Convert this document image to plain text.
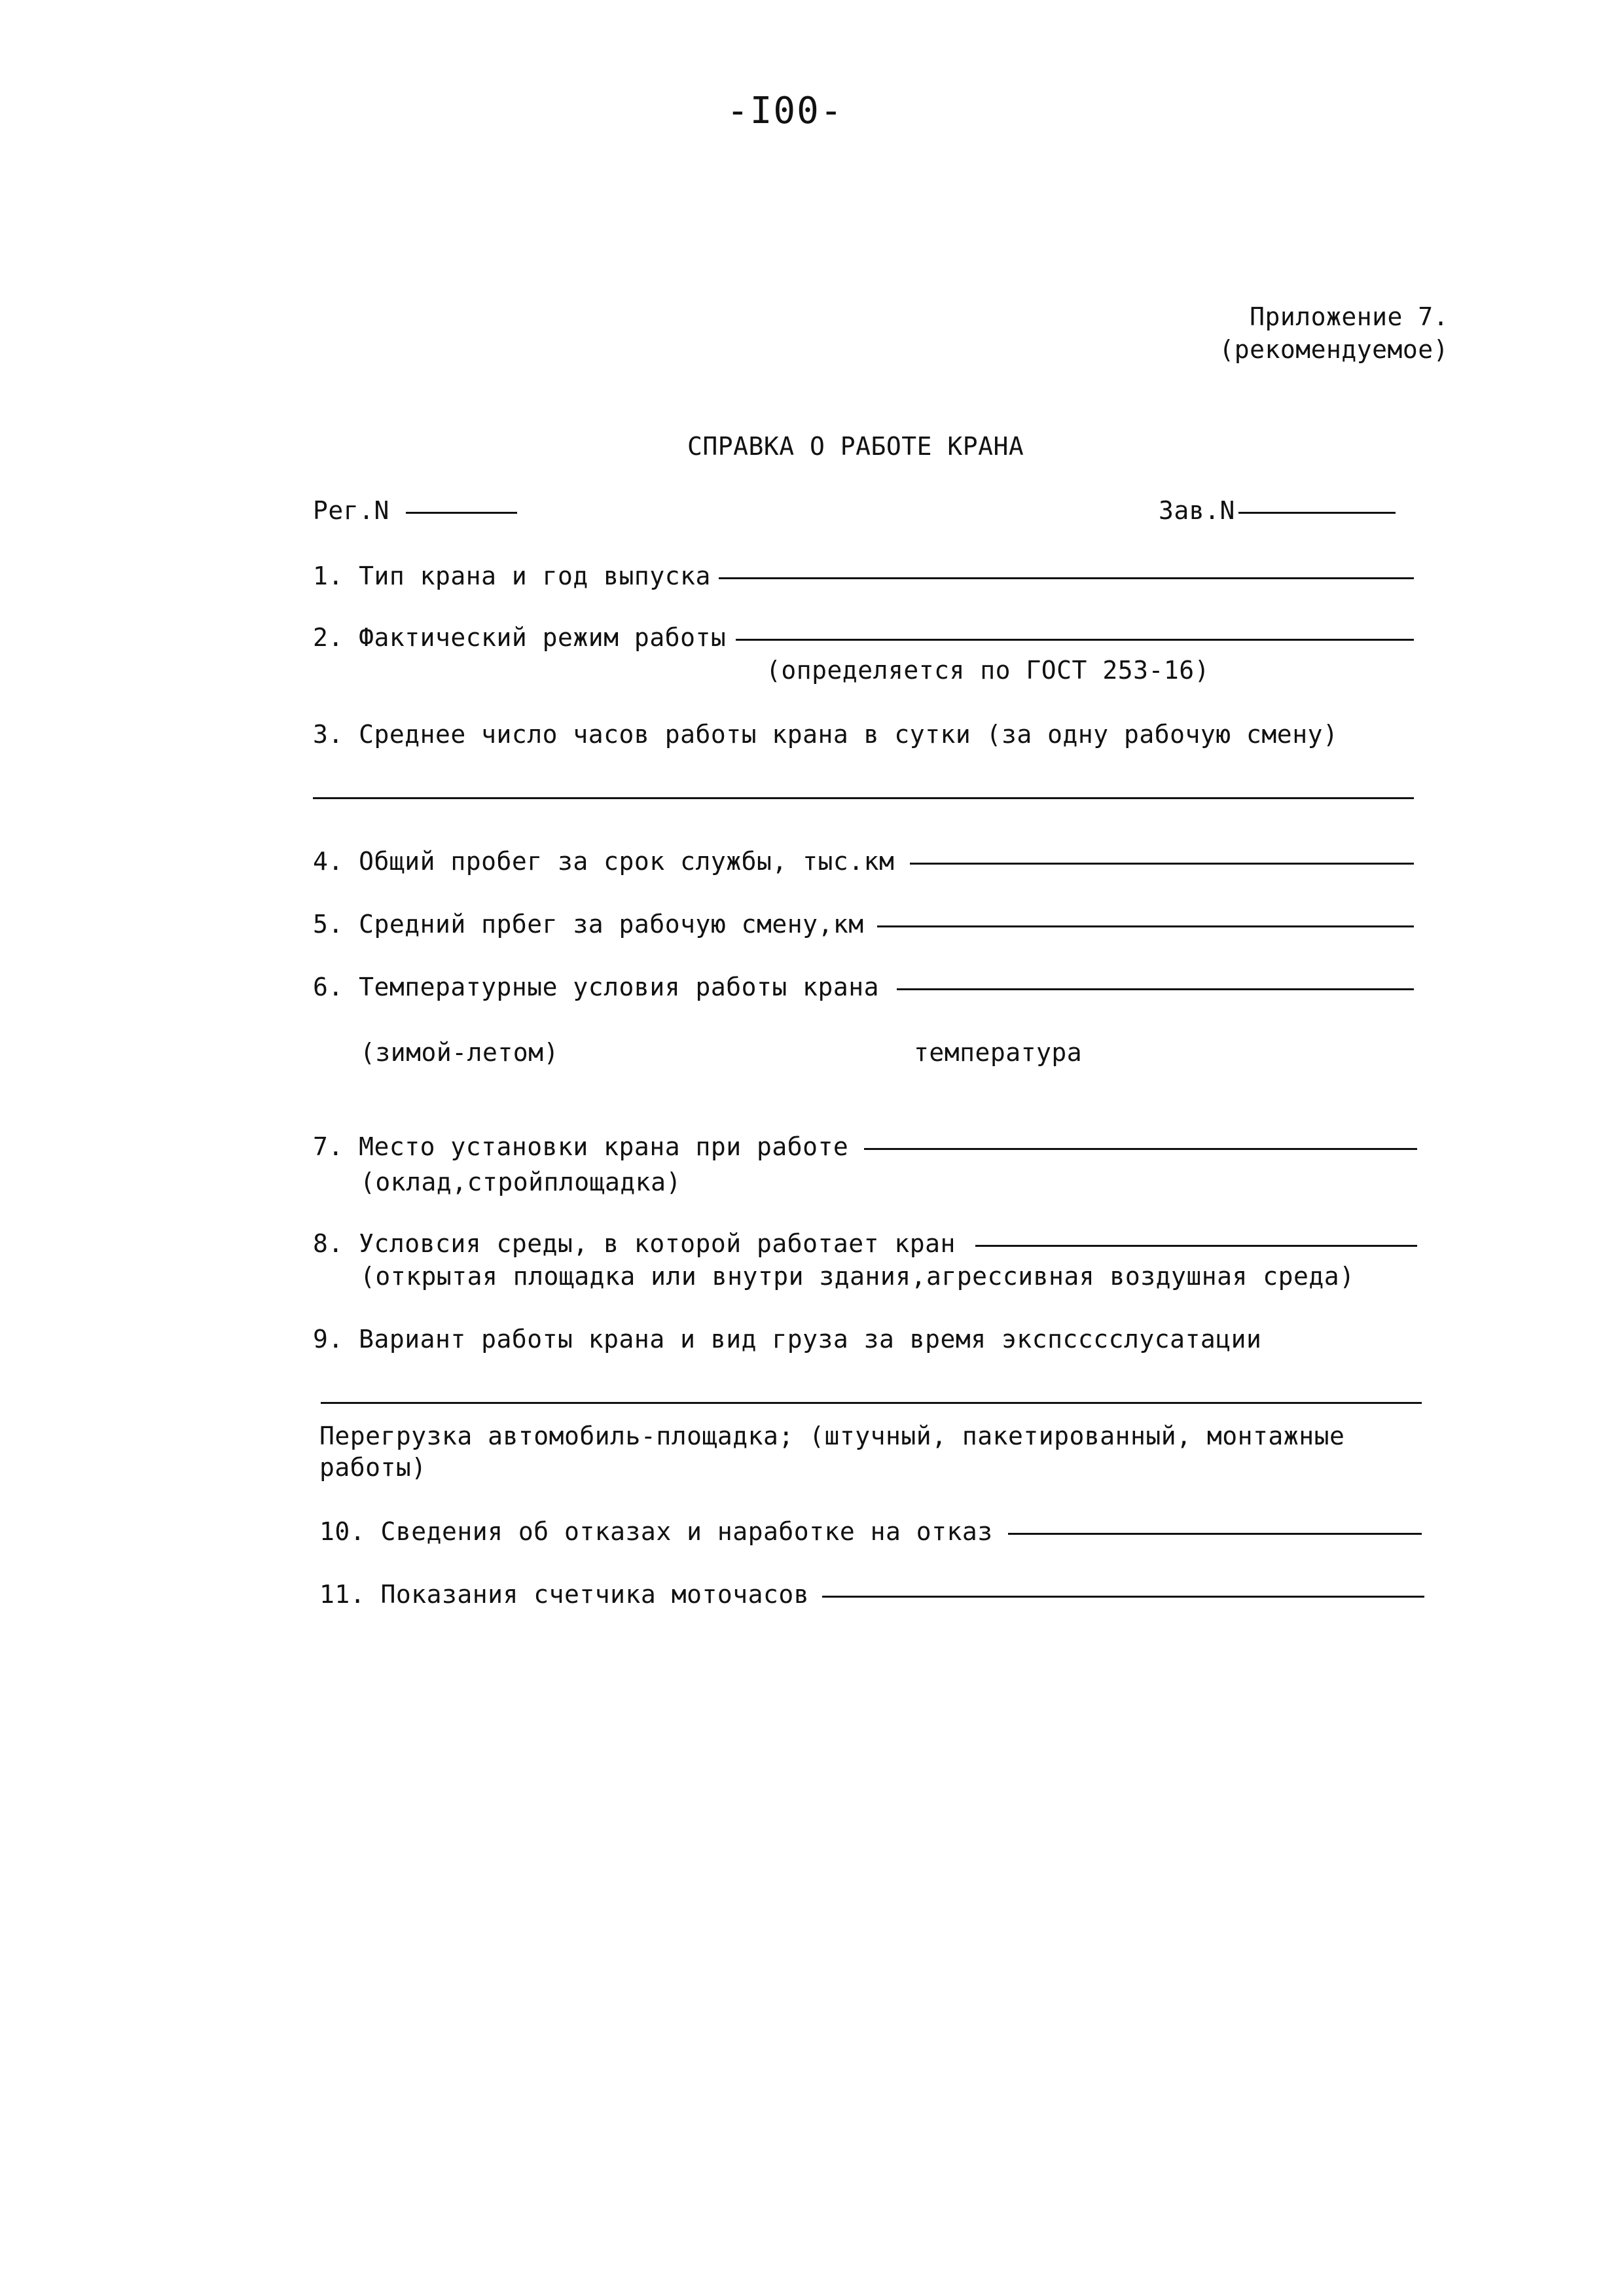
-I00-
Приложение 7.
(рекомендуемое)
СПРАВКА О РАБОТЕ КРАНА
Рег.N	Зав.N
1. Тип крана и год выпуска
2. Фактический режим работы
(определяется по ГОСТ 253-16)
3. Среднее число часов работы крана в сутки (за одну рабочую смену)
4. Общий пробег за срок службы, тыс.км
5. Средний прбег за рабочую смену,км
6. Температурные условия работы крана
(зимой-летом)	температура
7. Место установки крана при работе
(оклад,стройплощадка)
8. Условсия среды, в которой работает кран
(открытая площадка или внутри здания,агрессивная воздушная среда)
9. Вариант работы крана и вид груза за время экспсссслусатации
Перегрузка автомобиль-площадка; (штучный, пакетированный, монтажные
работы)
10. Сведения об отказах и наработке на отказ
11. Показания счетчика моточасов
